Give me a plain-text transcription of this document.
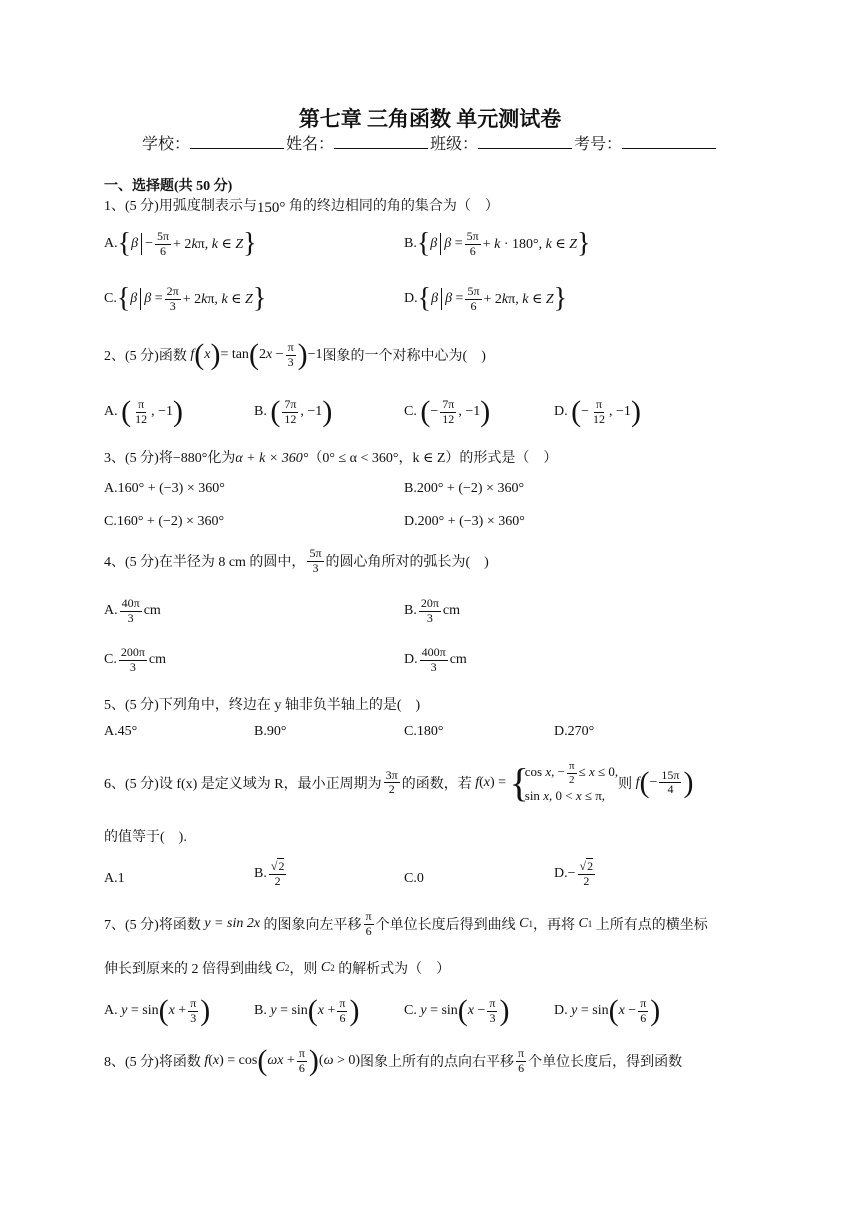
第七章 三角函数 单元测试卷
学校：	姓名：	班级：	考号：
一、选择题(共 50 分)
1、(5 分)用弧度制表示与150° 角的终边相同的角的集合为（　）
A. { $\beta - \frac{5\pi}{6} + 2k\pi$, k ∈ Z }	B. { β $\beta = \frac{5\pi}{6} + k \cdot 180^\circ$, k ∈ Z }
C. { β $\beta = \frac{2\pi}{3} + 2k\pi$, k ∈ Z }	D. { β $\beta = \frac{5\pi}{6} + 2k\pi$, k ∈ Z }
2、(5 分)函数
f ( x ) = tan ( $2x - \frac{\pi}{3}$ ) −1 图象的一个对称中心为(　)
A.
( $\frac{\pi}{12}$ , −1 )	B.
( $\frac{7\pi}{12}$ , −1 )	C.
( − $\frac{7\pi}{12}$ , −1 )	D.
( − $\frac{\pi}{12}$ , −1 )
3、(5 分)将−880°化为α + k × 360°（0° ≤ α < 360°，k ∈ Z）的形式是（　）
A.160° + (−3) × 360°	B.200° + (−2) × 360°
C.160° + (−2) × 360°	D.200° + (−3) × 360°
4、(5 分)在半径为 8 cm 的圆中， $\frac{5\pi}{3}$ 的圆心角所对的弧长为(　)
A. $\frac{40\pi}{3}$ cm	B. $\frac{20\pi}{3}$ cm
C. $\frac{200\pi}{3}$ cm	D. $\frac{400\pi}{3}$ cm
5、(5 分)下列角中，终边在 y 轴非负半轴上的是(　)
A.45°	B.90°	C.180°	D.270°
6、(5 分)设 f(x) 是定义域为 R，最小正周期为 $\frac{3\pi}{2}$ 的函数，若
f ( x ) = {
cos x, − $\frac{\pi}{2} \le x \le 0$,
sin x, 0 < x ≤ π,
则
f ( − $\frac{15\pi}{4}$ )
的值等于(　).
A.1	B. $\frac{√2}{2}$	C.0	D. − $\frac{√2}{2}$
7、(5 分)将函数
y = sin 2x
的图象向左平移 $\frac{\pi}{6}$ 个单位长度后得到曲线
C 1 ，再将
C 1
上所有点的横坐标
伸长到原来的 2 倍得到曲线
C 2 ，则
C 2
的解析式为（　）
A.
y = sin ( $x + \frac{\pi}{3}$ )	B.
y = sin ( $x + \frac{\pi}{6}$ )	C.
y = sin ( $x - \frac{\pi}{3}$ )	D.
y = sin ( $x - \frac{\pi}{6}$ )
8、(5 分)将函数
f ( x ) = cos ( $\omega x + \frac{\pi}{6}$ ) ( ω > 0) 图象上所有的点向右平移 $\frac{\pi}{6}$ 个单位长度后，得到函数
